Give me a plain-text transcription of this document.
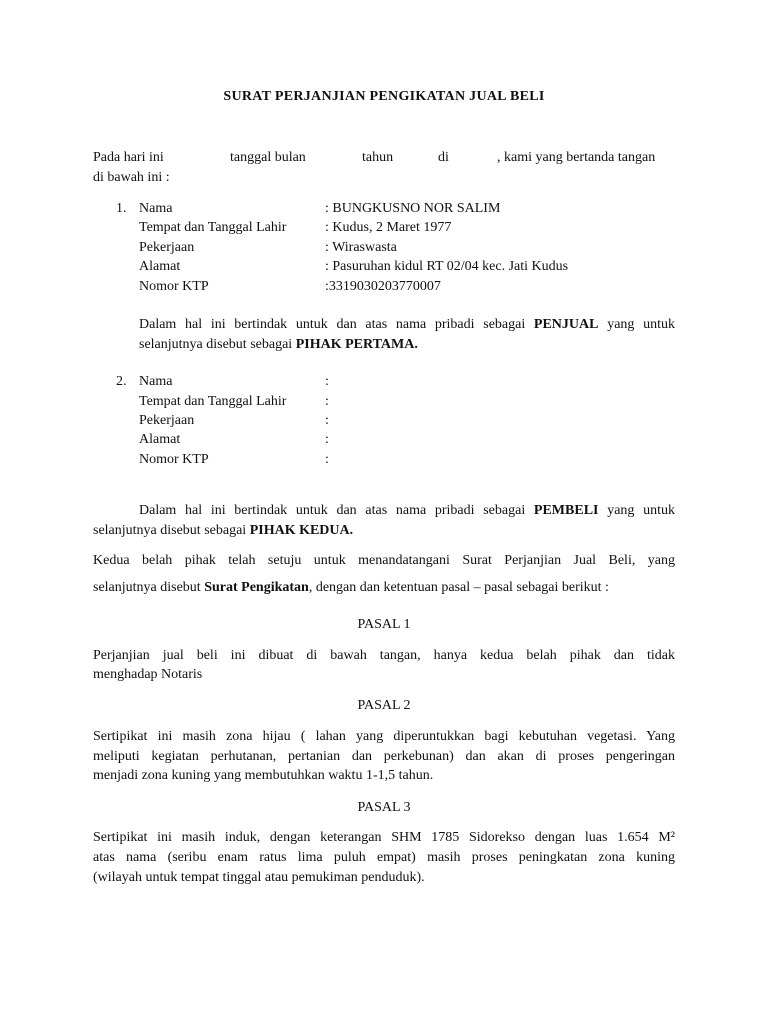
SURAT PERJANJIAN PENGIKATAN JUAL BELI
Pada hari ini	tanggal bulan	tahun	di	, kami yang bertanda tangan
di bawah ini :
1. Nama	: BUNGKUSNO NOR SALIM
Tempat dan Tanggal Lahir	: Kudus, 2 Maret 1977
Pekerjaan	: Wiraswasta
Alamat	: Pasuruhan kidul RT 02/04 kec. Jati Kudus
Nomor KTP	:3319030203770007
Dalam hal ini bertindak untuk dan atas nama pribadi sebagai PENJUAL yang untuk
selanjutnya disebut sebagai PIHAK PERTAMA.
2. Nama	:
Tempat dan Tanggal Lahir	:
Pekerjaan	:
Alamat	:
Nomor KTP	:
Dalam hal ini bertindak untuk dan atas nama pribadi sebagai PEMBELI yang untuk
selanjutnya disebut sebagai PIHAK KEDUA.
Kedua belah pihak telah setuju untuk menandatangani Surat Perjanjian Jual Beli, yang
selanjutnya disebut Surat Pengikatan, dengan dan ketentuan pasal – pasal sebagai berikut :
PASAL 1
Perjanjian jual beli ini dibuat di bawah tangan, hanya kedua belah pihak dan tidak
menghadap Notaris
PASAL 2
Sertipikat ini masih zona hijau ( lahan yang diperuntukkan bagi kebutuhan vegetasi. Yang
meliputi kegiatan perhutanan, pertanian dan perkebunan) dan akan di proses pengeringan
menjadi zona kuning yang membutuhkan waktu 1-1,5 tahun.
PASAL 3
Sertipikat ini masih induk, dengan keterangan SHM 1785 Sidorekso dengan luas 1.654 M²
atas nama (seribu enam ratus lima puluh empat) masih proses peningkatan zona kuning
(wilayah untuk tempat tinggal atau pemukiman penduduk).
